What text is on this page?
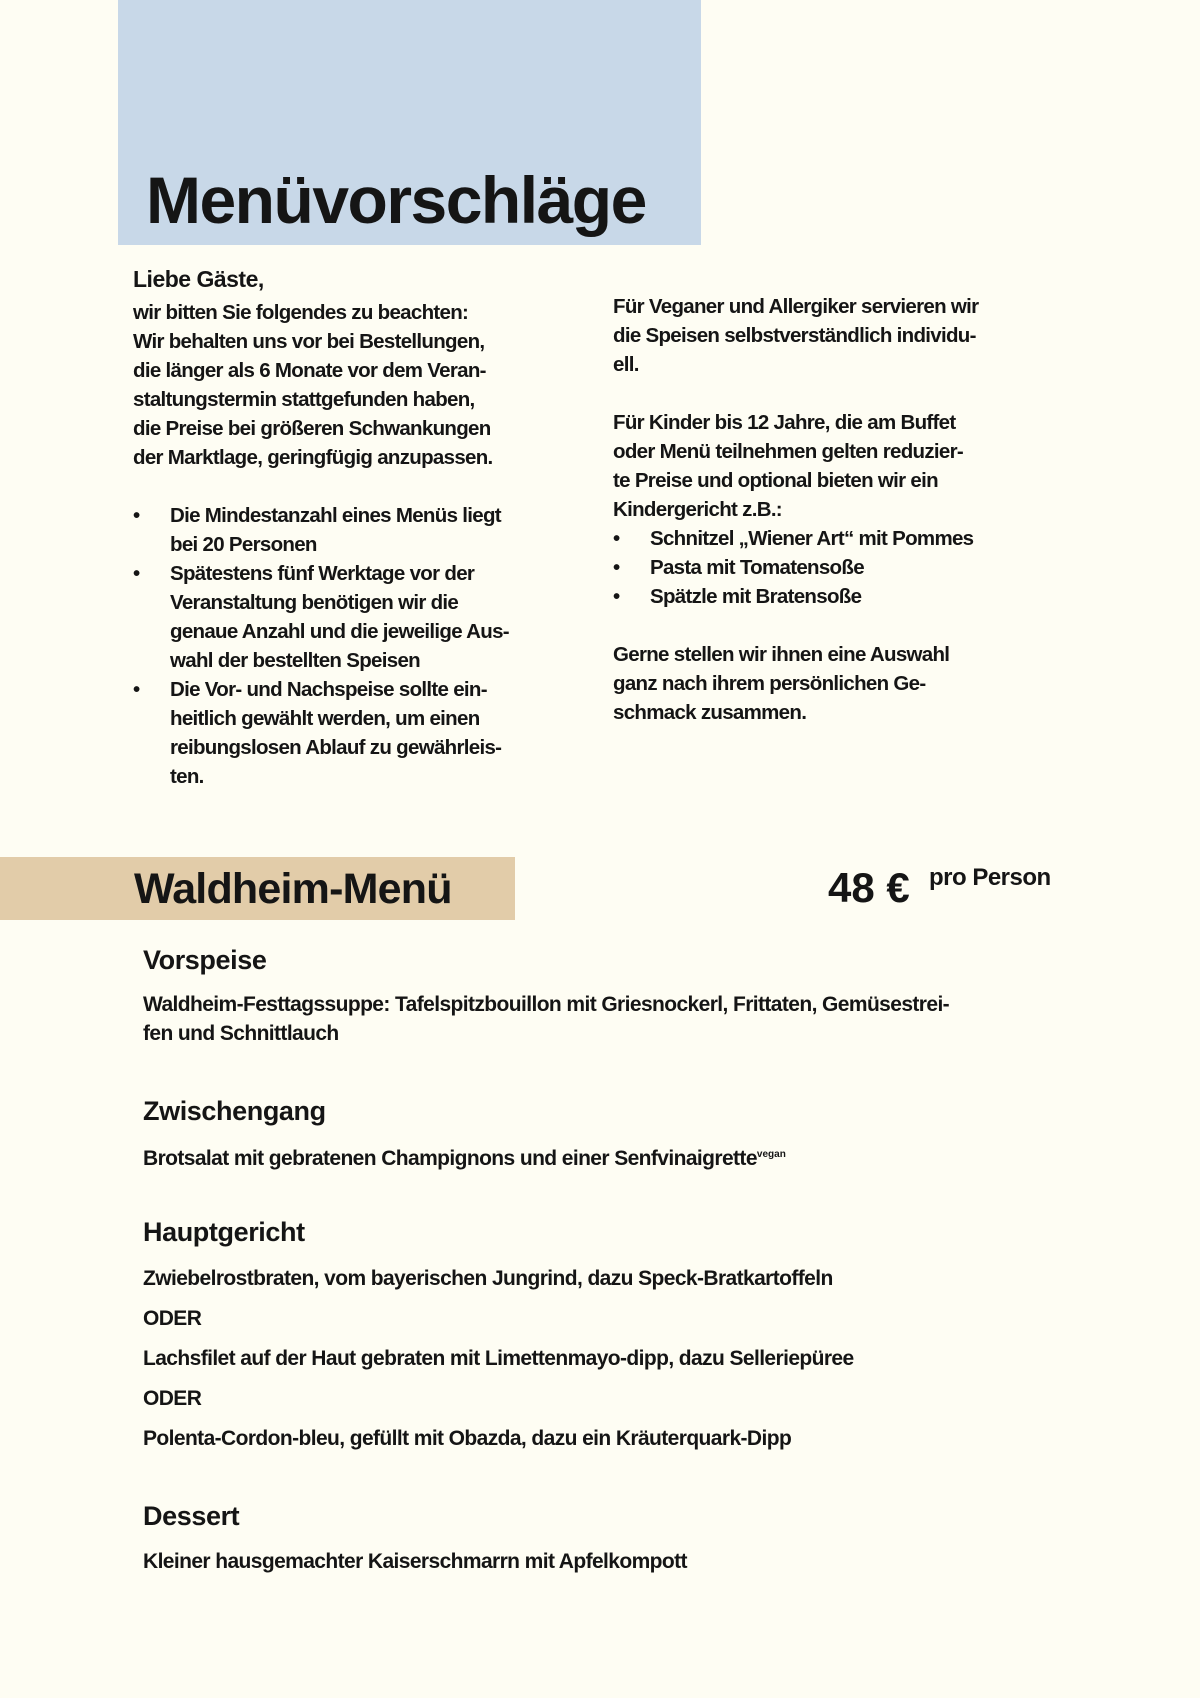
Menüvorschläge
Liebe Gäste,
wir bitten Sie folgendes zu beachten:
Wir behalten uns vor bei Bestellungen,
die länger als 6 Monate vor dem Veran-
staltungstermin stattgefunden haben,
die Preise bei größeren Schwankungen
der Marktlage, geringfügig anzupassen.
• Die Mindestanzahl eines Menüs liegt
bei 20 Personen
• Spätestens fünf Werktage vor der
Veranstaltung benötigen wir die
genaue Anzahl und die jeweilige Aus-
wahl der bestellten Speisen
• Die Vor- und Nachspeise sollte ein-
heitlich gewählt werden, um einen
reibungslosen Ablauf zu gewährleis-
ten.
Für Veganer und Allergiker servieren wir
die Speisen selbstverständlich individu-
ell.
Für Kinder bis 12 Jahre, die am Buffet
oder Menü teilnehmen gelten reduzier-
te Preise und optional bieten wir ein
Kindergericht z.B.:
• Schnitzel „Wiener Art“ mit Pommes
• Pasta mit Tomatensoße
• Spätzle mit Bratensoße
Gerne stellen wir ihnen eine Auswahl
ganz nach ihrem persönlichen Ge-
schmack zusammen.
Waldheim-Menü	48 € pro Person
Vorspeise
Waldheim-Festtagssuppe: Tafelspitzbouillon mit Griesnockerl, Frittaten, Gemüsestrei-
fen und Schnittlauch
Zwischengang
Brotsalat mit gebratenen Champignons und einer Senfvinaigrette$^{vegan}$
Hauptgericht
Zwiebelrostbraten, vom bayerischen Jungrind, dazu Speck-Bratkartoffeln
ODER
Lachsfilet auf der Haut gebraten mit Limettenmayo-dipp, dazu Selleriepüree
ODER
Polenta-Cordon-bleu, gefüllt mit Obazda, dazu ein Kräuterquark-Dipp
Dessert
Kleiner hausgemachter Kaiserschmarrn mit Apfelkompott
